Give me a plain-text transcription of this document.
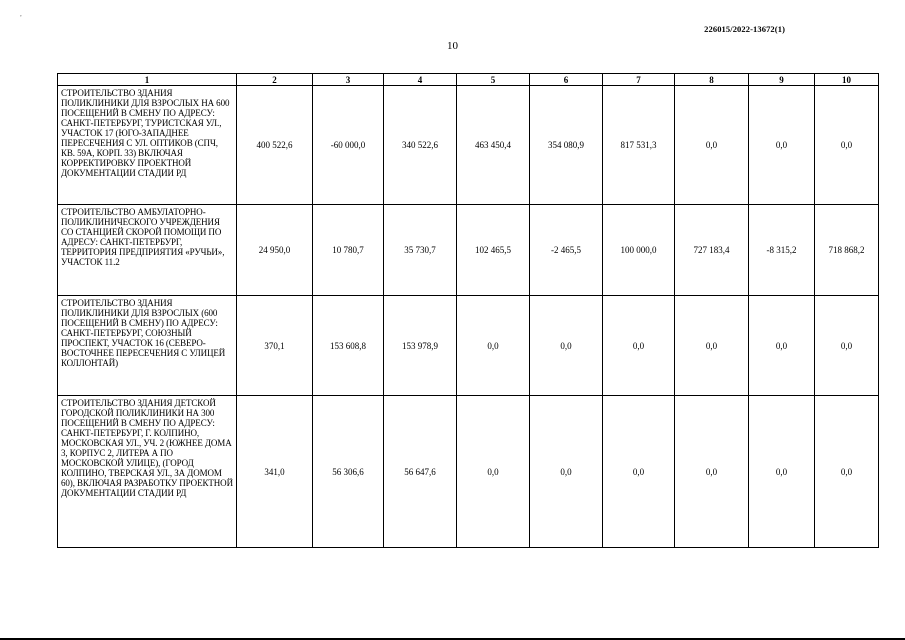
,
226015/2022-13672(1)
10
1	2	3	4	5	6	7	8	9	10
СТРОИТЕЛЬСТВО ЗДАНИЯ ПОЛИКЛИНИКИ ДЛЯ ВЗРОСЛЫХ НА 600 ПОСЕЩЕНИЙ В СМЕНУ ПО АДРЕСУ: САНКТ-ПЕТЕРБУРГ, ТУРИСТСКАЯ УЛ., УЧАСТОК 17 (ЮГО-ЗАПАДНЕЕ ПЕРЕСЕЧЕНИЯ С УЛ. ОПТИКОВ (СПЧ, КВ. 59А, КОРП. 33) ВКЛЮЧАЯ КОРРЕКТИРОВКУ ПРОЕКТНОЙ ДОКУМЕНТАЦИИ СТАДИИ РД	400 522,6	-60 000,0	340 522,6	463 450,4	354 080,9	817 531,3	0,0	0,0	0,0
СТРОИТЕЛЬСТВО АМБУЛАТОРНО-ПОЛИКЛИНИЧЕСКОГО УЧРЕЖДЕНИЯ СО СТАНЦИЕЙ СКОРОЙ ПОМОЩИ ПО АДРЕСУ: САНКТ-ПЕТЕРБУРГ, ТЕРРИТОРИЯ ПРЕДПРИЯТИЯ «РУЧЬИ», УЧАСТОК 11.2	24 950,0	10 780,7	35 730,7	102 465,5	-2 465,5	100 000,0	727 183,4	-8 315,2	718 868,2
СТРОИТЕЛЬСТВО ЗДАНИЯ ПОЛИКЛИНИКИ ДЛЯ ВЗРОСЛЫХ (600 ПОСЕЩЕНИЙ В СМЕНУ) ПО АДРЕСУ: САНКТ-ПЕТЕРБУРГ, СОЮЗНЫЙ ПРОСПЕКТ, УЧАСТОК 16 (СЕВЕРО-ВОСТОЧНЕЕ ПЕРЕСЕЧЕНИЯ С УЛИЦЕЙ КОЛЛОНТАЙ)	370,1	153 608,8	153 978,9	0,0	0,0	0,0	0,0	0,0	0,0
СТРОИТЕЛЬСТВО ЗДАНИЯ ДЕТСКОЙ ГОРОДСКОЙ ПОЛИКЛИНИКИ НА 300 ПОСЕЩЕНИЙ В СМЕНУ ПО АДРЕСУ: САНКТ-ПЕТЕРБУРГ, Г. КОЛПИНО, МОСКОВСКАЯ УЛ., УЧ. 2 (ЮЖНЕЕ ДОМА 3, КОРПУС 2, ЛИТЕРА А ПО МОСКОВСКОЙ УЛИЦЕ), (ГОРОД КОЛПИНО, ТВЕРСКАЯ УЛ., ЗА ДОМОМ 60), ВКЛЮЧАЯ РАЗРАБОТКУ ПРОЕКТНОЙ ДОКУМЕНТАЦИИ СТАДИИ РД	341,0	56 306,6	56 647,6	0,0	0,0	0,0	0,0	0,0	0,0
